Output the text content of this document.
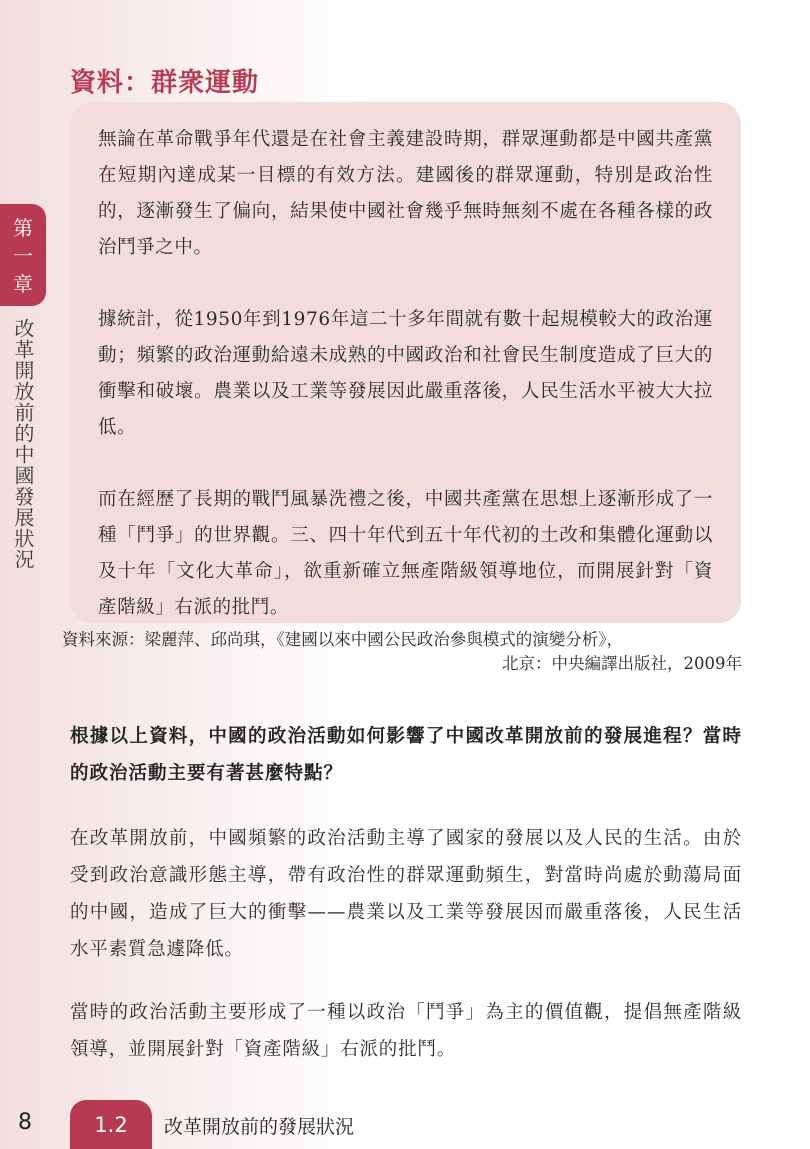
第
一
章
改革開放前的中國發展狀況
資料：群衆運動

無論在革命戰爭年代還是在社會主義建設時期，群眾運動都是中國共產黨在短期內達成某一目標的有效方法。建國後的群眾運動，特別是政治性的，逐漸發生了偏向，結果使中國社會幾乎無時無刻不處在各種各樣的政治鬥爭之中。

據統計，從1950年到1976年這二十多年間就有數十起規模較大的政治運動；頻繁的政治運動給遠未成熟的中國政治和社會民生制度造成了巨大的衝擊和破壞。農業以及工業等發展因此嚴重落後，人民生活水平被大大拉低。

而在經歷了長期的戰鬥風暴洗禮之後，中國共產黨在思想上逐漸形成了一種「鬥爭」的世界觀。三、四十年代到五十年代初的土改和集體化運動以及十年「文化大革命」，欲重新確立無產階級領導地位，而開展針對「資產階級」右派的批鬥。

資料來源：梁麗萍、邱尚琪，《建國以來中國公民政治參與模式的演變分析》，
北京：中央編譯出版社，2009年
根據以上資料，中國的政治活動如何影響了中國改革開放前的發展進程？當時的政治活動主要有著甚麼特點？

在改革開放前，中國頻繁的政治活動主導了國家的發展以及人民的生活。由於受到政治意識形態主導，帶有政治性的群眾運動頻生，對當時尚處於動蕩局面的中國，造成了巨大的衝擊——農業以及工業等發展因而嚴重落後，人民生活水平素質急遽降低。

當時的政治活動主要形成了一種以政治「鬥爭」為主的價值觀，提倡無產階級領導，並開展針對「資產階級」右派的批鬥。

8	1.2	改革開放前的發展狀況
